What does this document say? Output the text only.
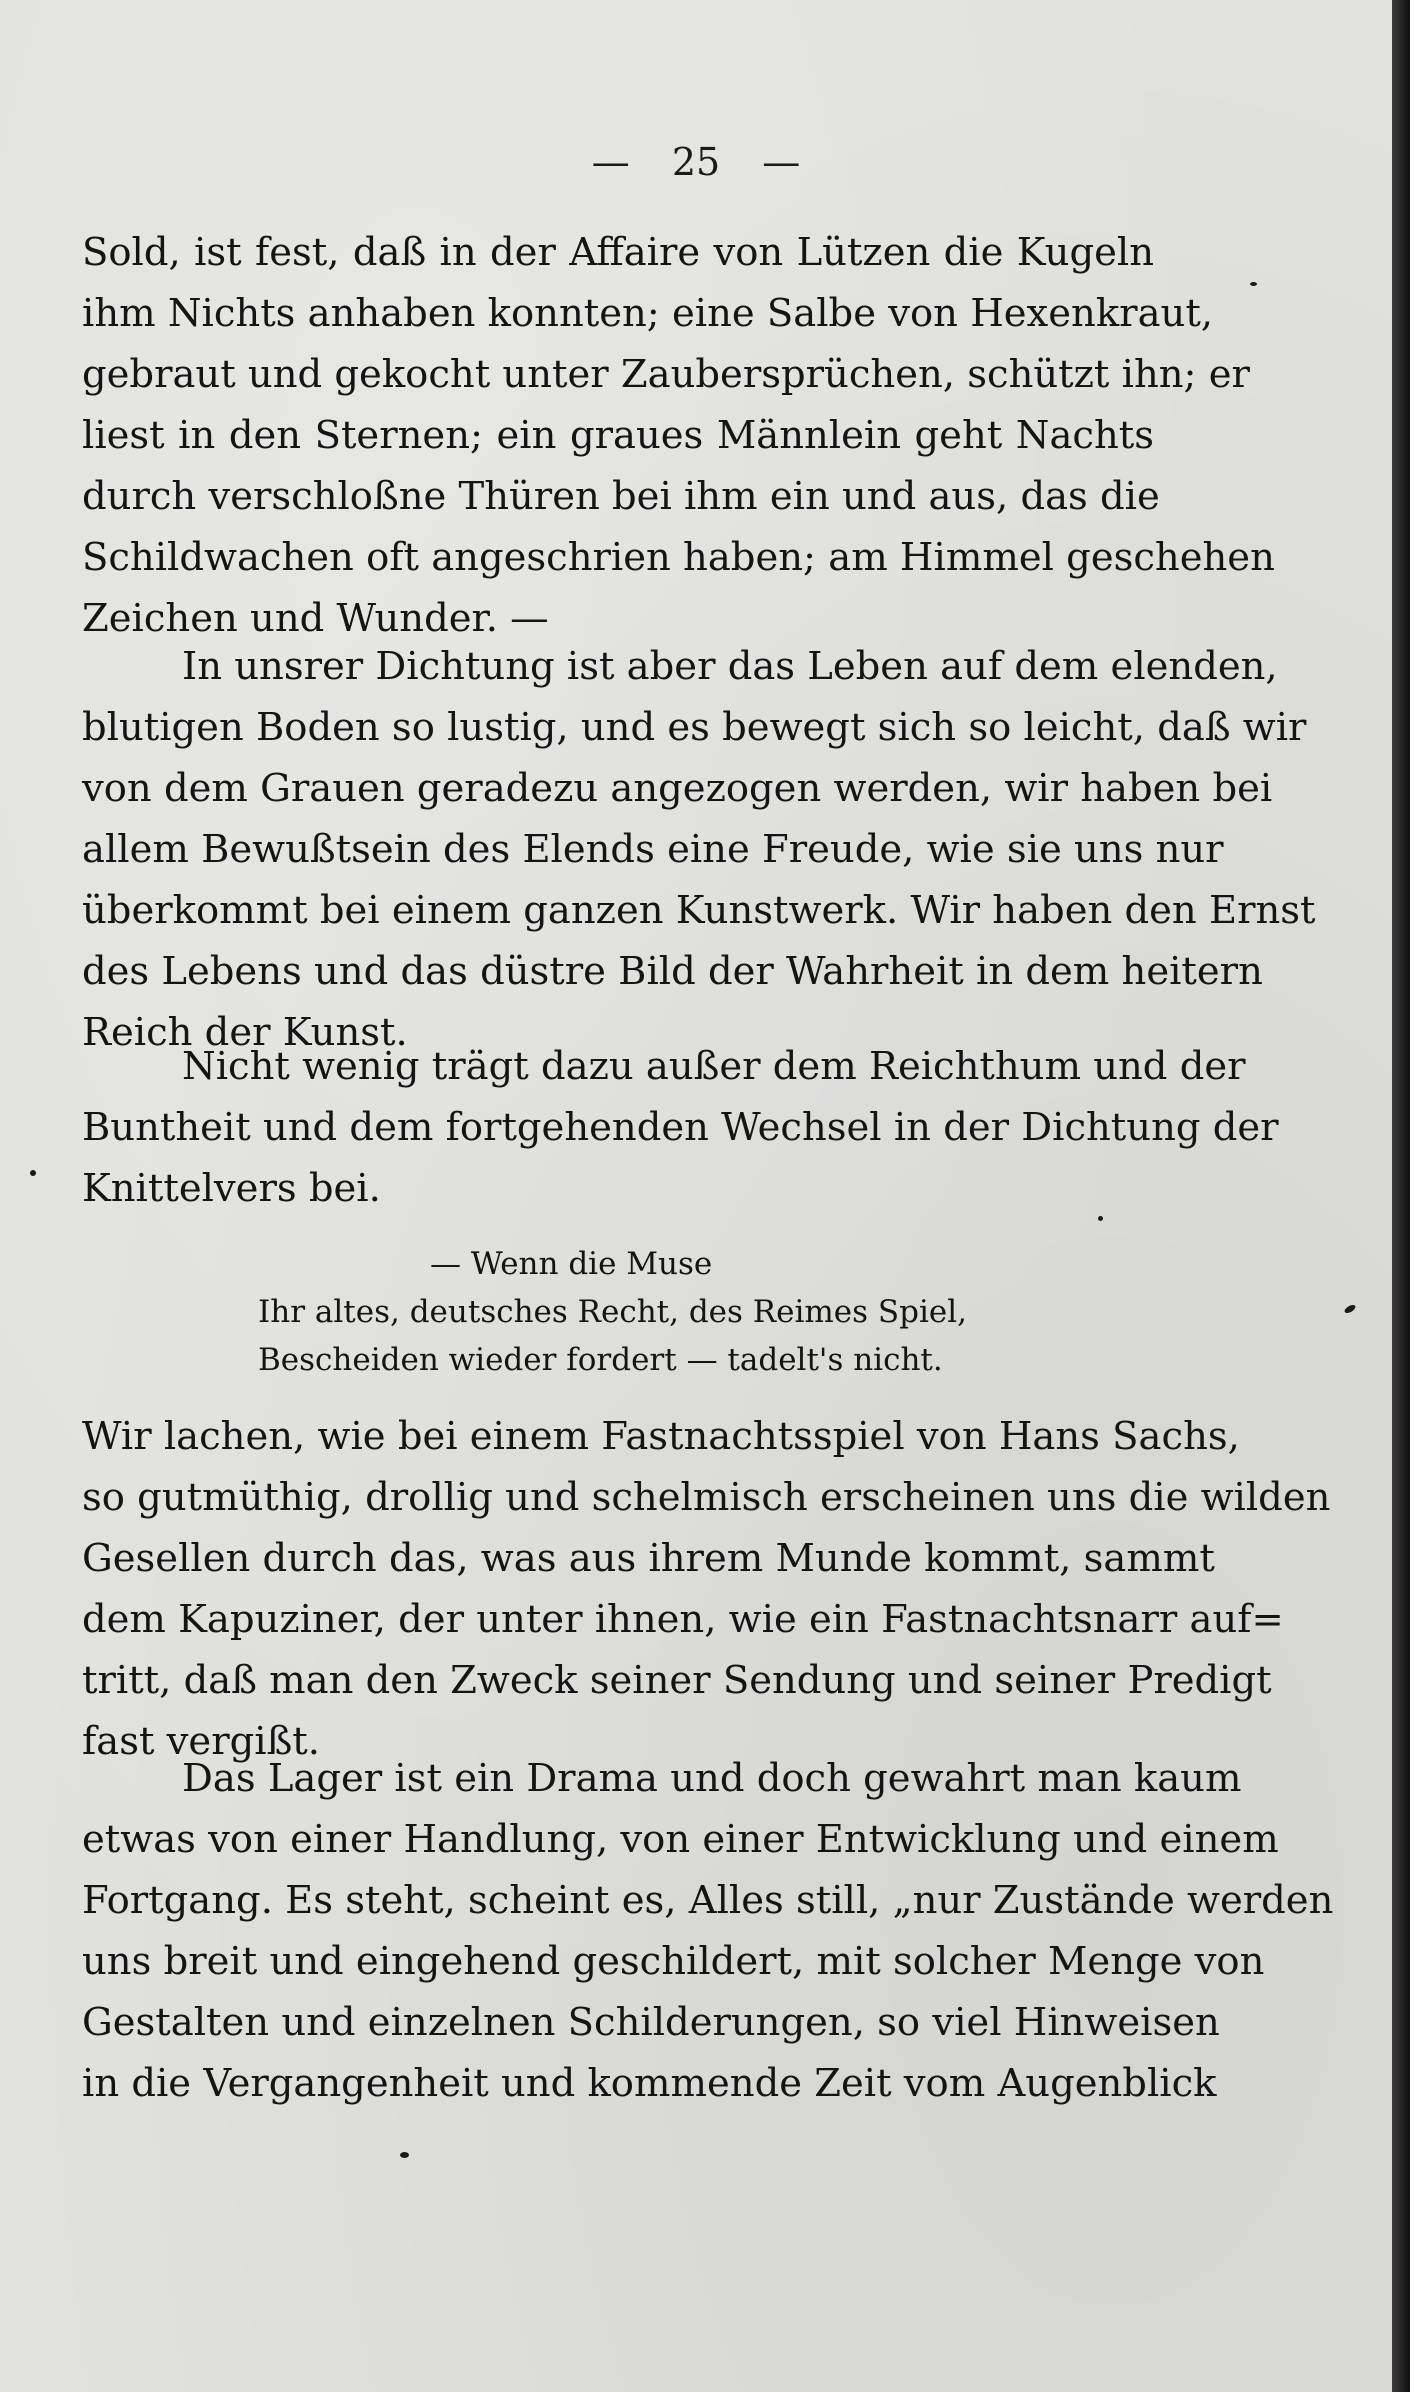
— 25 —
Sold, ist fest, daß in der Affaire von Lützen die Kugeln
ihm Nichts anhaben konnten; eine Salbe von Hexenkraut,
gebraut und gekocht unter Zaubersprüchen, schützt ihn; er
liest in den Sternen; ein graues Männlein geht Nachts
durch verschloßne Thüren bei ihm ein und aus, das die
Schildwachen oft angeschrien haben; am Himmel geschehen
Zeichen und Wunder. —
In unsrer Dichtung ist aber das Leben auf dem elenden,
blutigen Boden so lustig, und es bewegt sich so leicht, daß wir
von dem Grauen geradezu angezogen werden, wir haben bei
allem Bewußtsein des Elends eine Freude, wie sie uns nur
überkommt bei einem ganzen Kunstwerk. Wir haben den Ernst
des Lebens und das düstre Bild der Wahrheit in dem heitern
Reich der Kunst.
Nicht wenig trägt dazu außer dem Reichthum und der
Buntheit und dem fortgehenden Wechsel in der Dichtung der
Knittelvers bei.
— Wenn die Muse
Ihr altes, deutsches Recht, des Reimes Spiel,
Bescheiden wieder fordert — tadelt's nicht.
Wir lachen, wie bei einem Fastnachtsspiel von Hans Sachs,
so gutmüthig, drollig und schelmisch erscheinen uns die wilden
Gesellen durch das, was aus ihrem Munde kommt, sammt
dem Kapuziner, der unter ihnen, wie ein Fastnachtsnarr auf=
tritt, daß man den Zweck seiner Sendung und seiner Predigt
fast vergißt.
Das Lager ist ein Drama und doch gewahrt man kaum
etwas von einer Handlung, von einer Entwicklung und einem
Fortgang. Es steht, scheint es, Alles still, „nur Zustände werden
uns breit und eingehend geschildert, mit solcher Menge von
Gestalten und einzelnen Schilderungen, so viel Hinweisen
in die Vergangenheit und kommende Zeit vom Augenblick
